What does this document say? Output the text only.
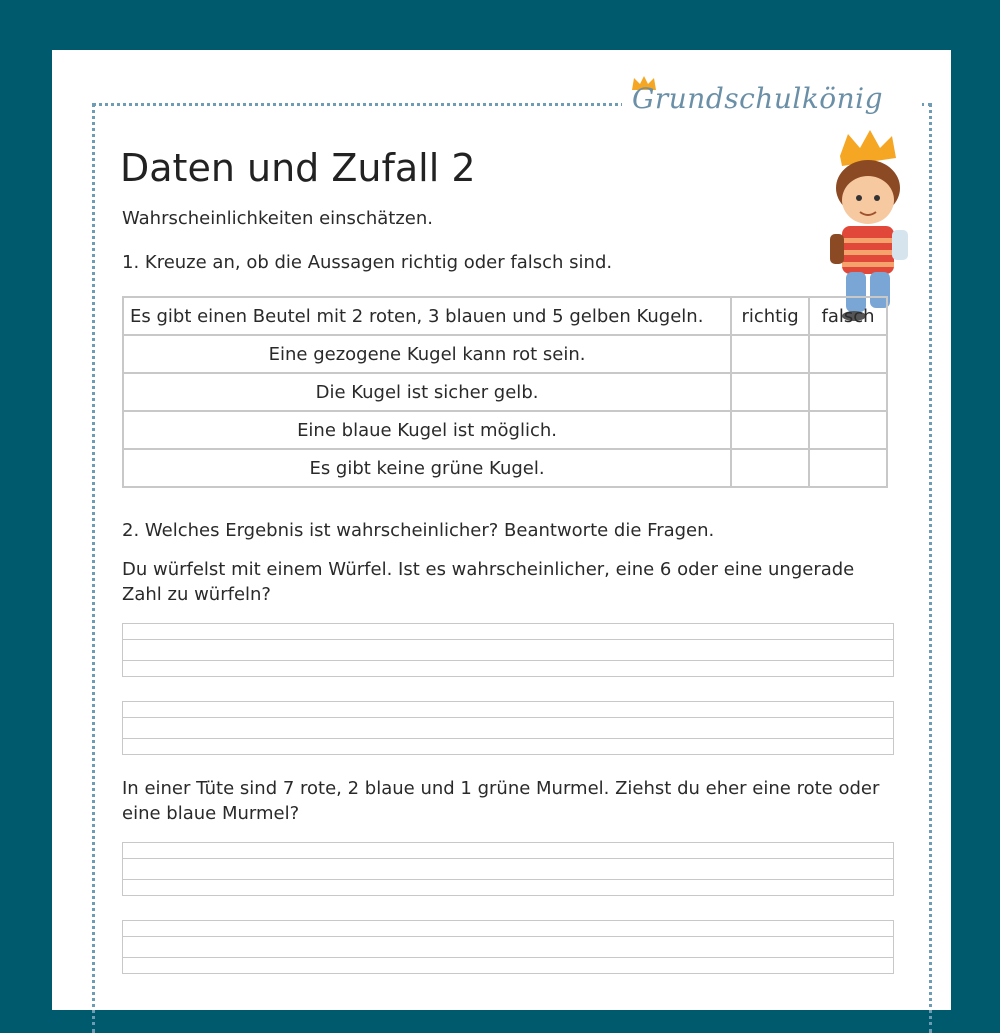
Grundschulkönig
Daten und Zufall 2
Wahrscheinlichkeiten einschätzen.
1. Kreuze an, ob die Aussagen richtig oder falsch sind.
Es gibt einen Beutel mit 2 roten, 3 blauen und 5 gelben Kugeln.	richtig	falsch
Eine gezogene Kugel kann rot sein.		
Die Kugel ist sicher gelb.		
Eine blaue Kugel ist möglich.		
Es gibt keine grüne Kugel.		
2. Welches Ergebnis ist wahrscheinlicher? Beantworte die Fragen.
Du würfelst mit einem Würfel. Ist es wahrscheinlicher, eine 6 oder eine ungerade Zahl zu würfeln?
In einer Tüte sind 7 rote, 2 blaue und 1 grüne Murmel. Ziehst du eher eine rote oder eine blaue Murmel?
